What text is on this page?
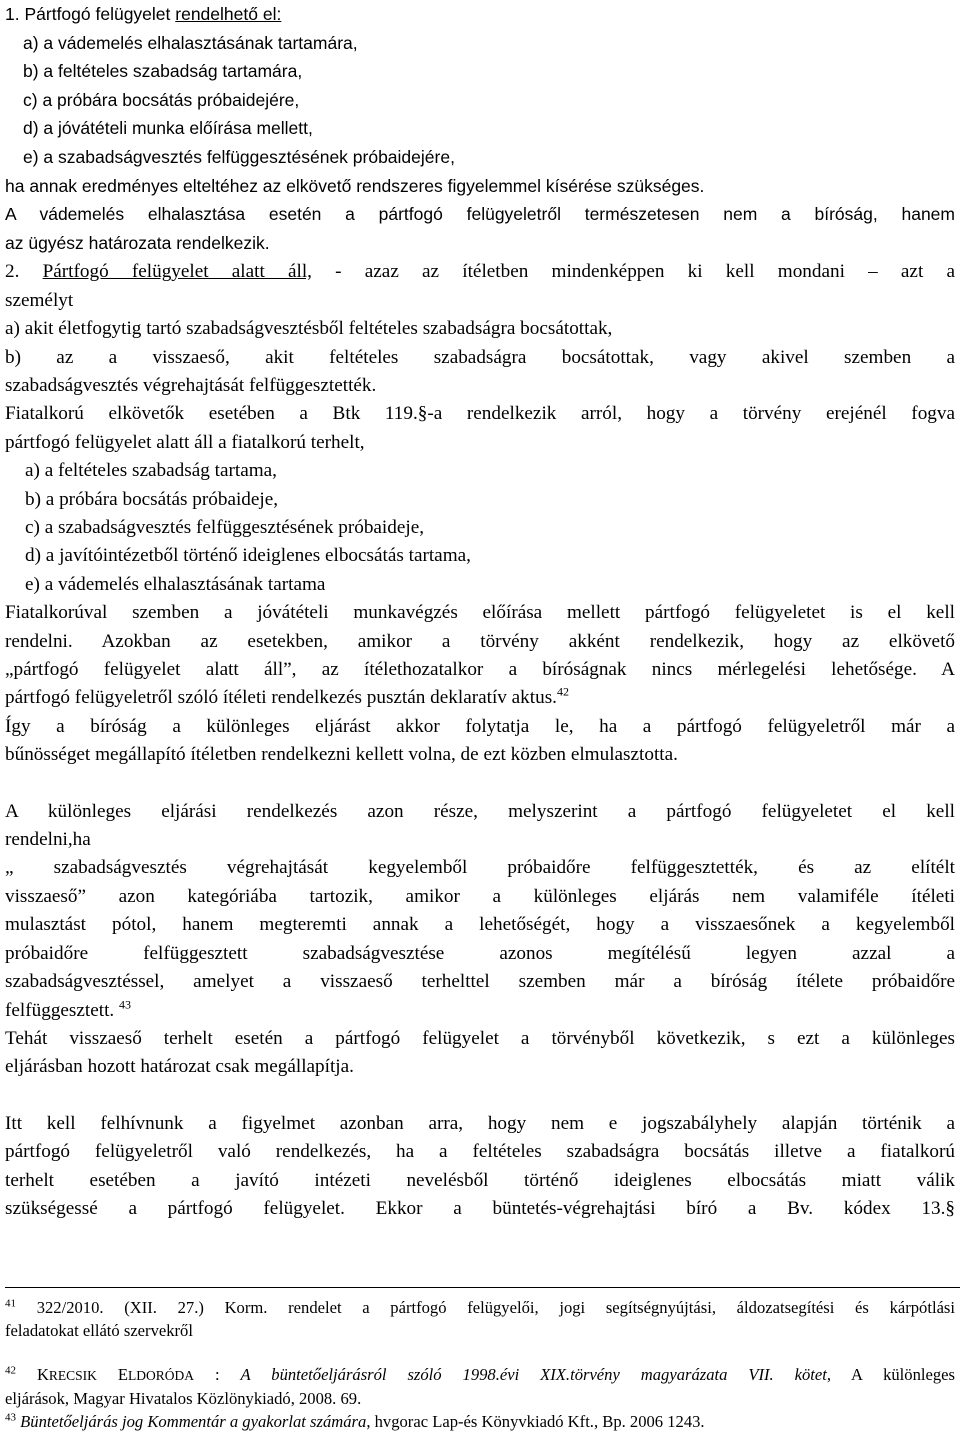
1. Pártfogó felügyelet rendelhető el:
a) a vádemelés elhalasztásának tartamára,
b) a feltételes szabadság tartamára,
c) a próbára bocsátás próbaidejére,
d) a jóvátételi munka előírása mellett,
e) a szabadságvesztés felfüggesztésének próbaidejére,
ha annak eredményes elteltéhez az elkövető rendszeres figyelemmel kísérése szükséges.
A vádemelés elhalasztása esetén a pártfogó felügyeletről természetesen nem a bíróság, hanem
az ügyész határozata rendelkezik.
2. Pártfogó felügyelet alatt áll, - azaz az ítéletben mindenképpen ki kell mondani – azt a
személyt
a) akit életfogytig tartó szabadságvesztésből feltételes szabadságra bocsátottak,
b) az a visszaeső, akit feltételes szabadságra bocsátottak, vagy akivel szemben a
szabadságvesztés végrehajtását felfüggesztették.
Fiatalkorú elkövetők esetében a Btk 119.§-a rendelkezik arról, hogy a törvény erejénél fogva
pártfogó felügyelet alatt áll a fiatalkorú terhelt,
a) a feltételes szabadság tartama,
b) a próbára bocsátás próbaideje,
c) a szabadságvesztés felfüggesztésének próbaideje,
d) a javítóintézetből történő ideiglenes elbocsátás tartama,
e) a vádemelés elhalasztásának tartama
Fiatalkorúval szemben a jóvátételi munkavégzés előírása mellett pártfogó felügyeletet is el kell
rendelni. Azokban az esetekben, amikor a törvény akként rendelkezik, hogy az elkövető
„pártfogó felügyelet alatt áll”, az ítélethozatalkor a bíróságnak nincs mérlegelési lehetősége. A
pártfogó felügyeletről szóló ítéleti rendelkezés pusztán deklaratív aktus.$^{42}$
Így a bíróság a különleges eljárást akkor folytatja le, ha a pártfogó felügyeletről már a
bűnösséget megállapító ítéletben rendelkezni kellett volna, de ezt közben elmulasztotta.
A különleges eljárási rendelkezés azon része, melyszerint a pártfogó felügyeletet el kell
rendelni,ha
„ szabadságvesztés végrehajtását kegyelemből próbaidőre felfüggesztették, és az elítélt
visszaeső” azon kategóriába tartozik, amikor a különleges eljárás nem valamiféle ítéleti
mulasztást pótol, hanem megteremti annak a lehetőségét, hogy a visszaesőnek a kegyelemből
próbaidőre felfüggesztett szabadságvesztése azonos megítélésű legyen azzal a
szabadságvesztéssel, amelyet a visszaeső terhelttel szemben már a bíróság ítélete próbaidőre
felfüggesztett. $^{43}$
Tehát visszaeső terhelt esetén a pártfogó felügyelet a törvényből következik, s ezt a különleges
eljárásban hozott határozat csak megállapítja.
Itt kell felhívnunk a figyelmet azonban arra, hogy nem e jogszabályhely alapján történik a
pártfogó felügyeletről való rendelkezés, ha a feltételes szabadságra bocsátás illetve a fiatalkorú
terhelt esetében a javító intézeti nevelésből történő ideiglenes elbocsátás miatt válik
szükségessé a pártfogó felügyelet. Ekkor a büntetés-végrehajtási bíró a Bv. kódex 13.§
$^{41}$ 322/2010. (XII. 27.) Korm. rendelet a pártfogó felügyelői, jogi segítségnyújtási, áldozatsegítési és kárpótlási
feladatokat ellátó szervekről
$^{42}$ KRECSIK ELDORÓDA : A büntetőeljárásról szóló 1998.évi XIX.törvény magyarázata VII. kötet, A különleges
eljárások, Magyar Hivatalos Közlönykiadó, 2008. 69.
$^{43}$ Büntetőeljárás jog Kommentár a gyakorlat számára, hvgorac Lap-és Könyvkiadó Kft., Bp. 2006 1243.
